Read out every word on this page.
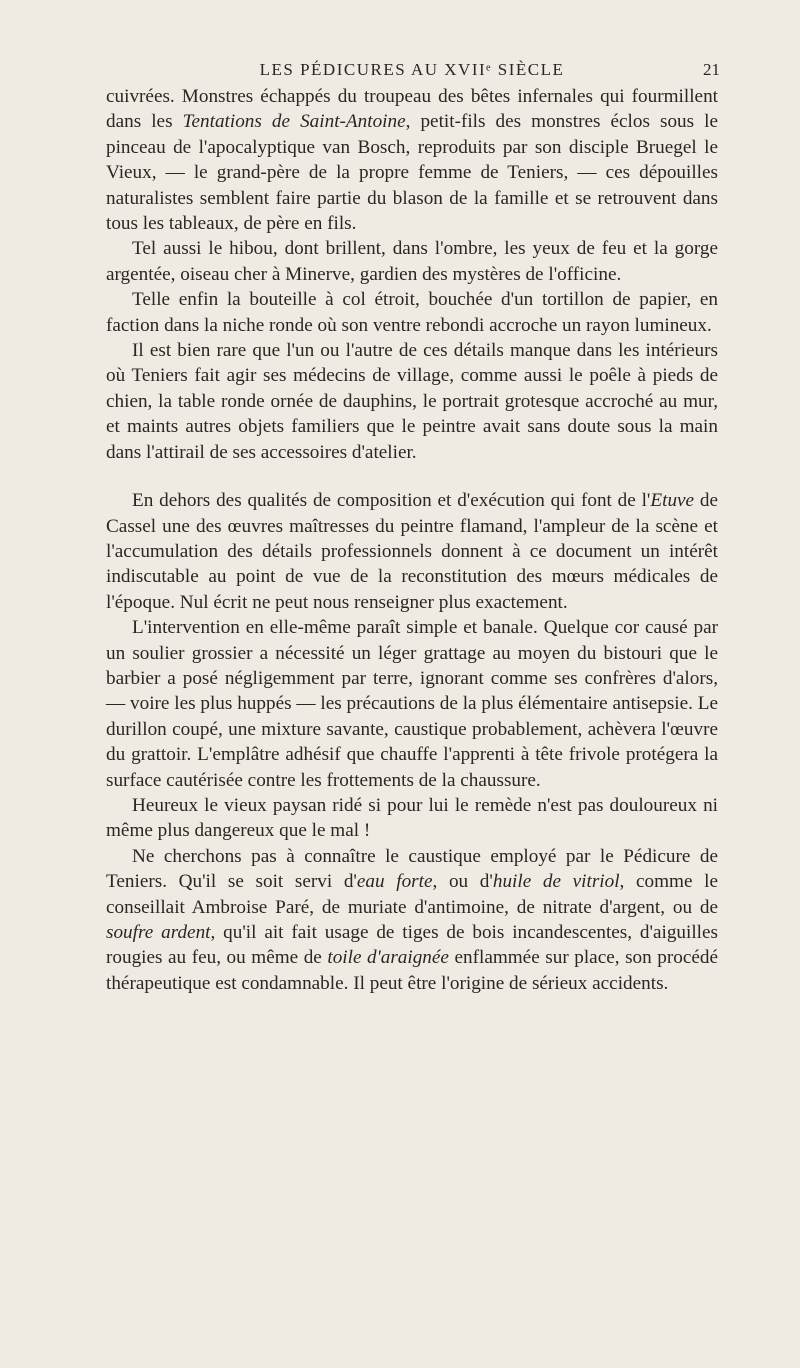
LES PÉDICURES AU XVIIᵉ SIÈCLE	21

cuivrées. Monstres échappés du troupeau des bêtes infernales qui fourmillent dans les Tentations de Saint-Antoine, petit-fils des monstres éclos sous le pinceau de l'apocalyptique van Bosch, reproduits par son disciple Bruegel le Vieux, — le grand-père de la propre femme de Teniers, — ces dépouilles naturalistes semblent faire partie du blason de la famille et se retrouvent dans tous les tableaux, de père en fils.

Tel aussi le hibou, dont brillent, dans l'ombre, les yeux de feu et la gorge argentée, oiseau cher à Minerve, gardien des mystères de l'officine.

Telle enfin la bouteille à col étroit, bouchée d'un tortillon de papier, en faction dans la niche ronde où son ventre rebondi accroche un rayon lumineux.

Il est bien rare que l'un ou l'autre de ces détails manque dans les intérieurs où Teniers fait agir ses médecins de village, comme aussi le poêle à pieds de chien, la table ronde ornée de dauphins, le portrait grotesque accroché au mur, et maints autres objets familiers que le peintre avait sans doute sous la main dans l'attirail de ses accessoires d'atelier.

En dehors des qualités de composition et d'exécution qui font de l'Etuve de Cassel une des œuvres maîtresses du peintre flamand, l'ampleur de la scène et l'accumulation des détails professionnels donnent à ce document un intérêt indiscutable au point de vue de la reconstitution des mœurs médicales de l'époque. Nul écrit ne peut nous renseigner plus exactement.

L'intervention en elle-même paraît simple et banale. Quelque cor causé par un soulier grossier a nécessité un léger grattage au moyen du bistouri que le barbier a posé négligemment par terre, ignorant comme ses confrères d'alors, — voire les plus huppés — les précautions de la plus élémentaire antisepsie. Le durillon coupé, une mixture savante, caustique probablement, achèvera l'œuvre du grattoir. L'emplâtre adhésif que chauffe l'apprenti à tête frivole protégera la surface cautérisée contre les frottements de la chaussure.

Heureux le vieux paysan ridé si pour lui le remède n'est pas douloureux ni même plus dangereux que le mal !

Ne cherchons pas à connaître le caustique employé par le Pédicure de Teniers. Qu'il se soit servi d'eau forte, ou d'huile de vitriol, comme le conseillait Ambroise Paré, de muriate d'antimoine, de nitrate d'argent, ou de soufre ardent, qu'il ait fait usage de tiges de bois incandescentes, d'aiguilles rougies au feu, ou même de toile d'araignée enflammée sur place, son procédé thérapeutique est condamnable. Il peut être l'origine de sérieux accidents.
